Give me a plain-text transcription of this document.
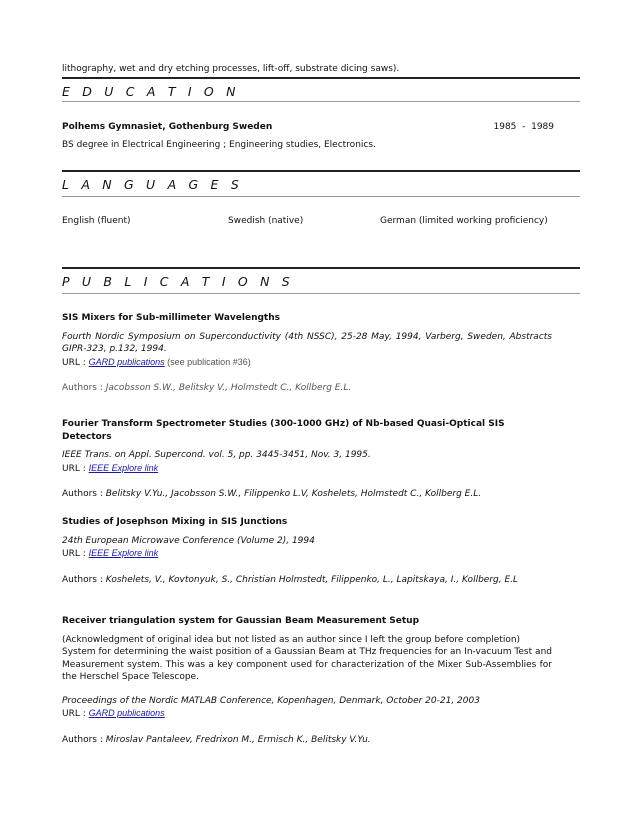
lithography, wet and dry etching processes, lift-off, substrate dicing saws).
E D U C A T I O N
Polhems Gymnasiet, Gothenburg Sweden	1985  -  1989
BS degree in Electrical Engineering ; Engineering studies, Electronics.
L A N G U A G E S
English (fluent)	Swedish (native)	German (limited working proficiency)
P U B L I C A T I O N S
SIS Mixers for Sub-millimeter Wavelengths
Fourth Nordic Symposium on Superconductivity (4th NSSC), 25-28 May, 1994, Varberg, Sweden, Abstracts GIPR-323, p.132, 1994.
URL : GARD publications (see publication #36)
Authors : Jacobsson S.W., Belitsky V., Holmstedt C., Kollberg E.L.
Fourier Transform Spectrometer Studies (300-1000 GHz) of Nb-based Quasi-Optical SIS Detectors
IEEE Trans. on Appl. Supercond. vol. 5, pp. 3445-3451, Nov. 3, 1995.
URL : IEEE Explore link
Authors : Belitsky V.Yu., Jacobsson S.W., Filippenko L.V, Koshelets, Holmstedt C., Kollberg E.L.
Studies of Josephson Mixing in SIS Junctions
24th European Microwave Conference (Volume 2), 1994
URL : IEEE Explore link
Authors : Koshelets, V., Kovtonyuk, S., Christian Holmstedt, Filippenko, L., Lapitskaya, I., Kollberg, E.L
Receiver triangulation system for Gaussian Beam Measurement Setup
(Acknowledgment of original idea but not listed as an author since I left the group before completion)
System for determining the waist position of a Gaussian Beam at THz frequencies for an In-vacuum Test and Measurement system. This was a key component used for characterization of the Mixer Sub-Assemblies for the Herschel Space Telescope.
Proceedings of the Nordic MATLAB Conference, Kopenhagen, Denmark, October 20-21, 2003
URL : GARD publications
Authors : Miroslav Pantaleev, Fredrixon M., Ermisch K., Belitsky V.Yu.
